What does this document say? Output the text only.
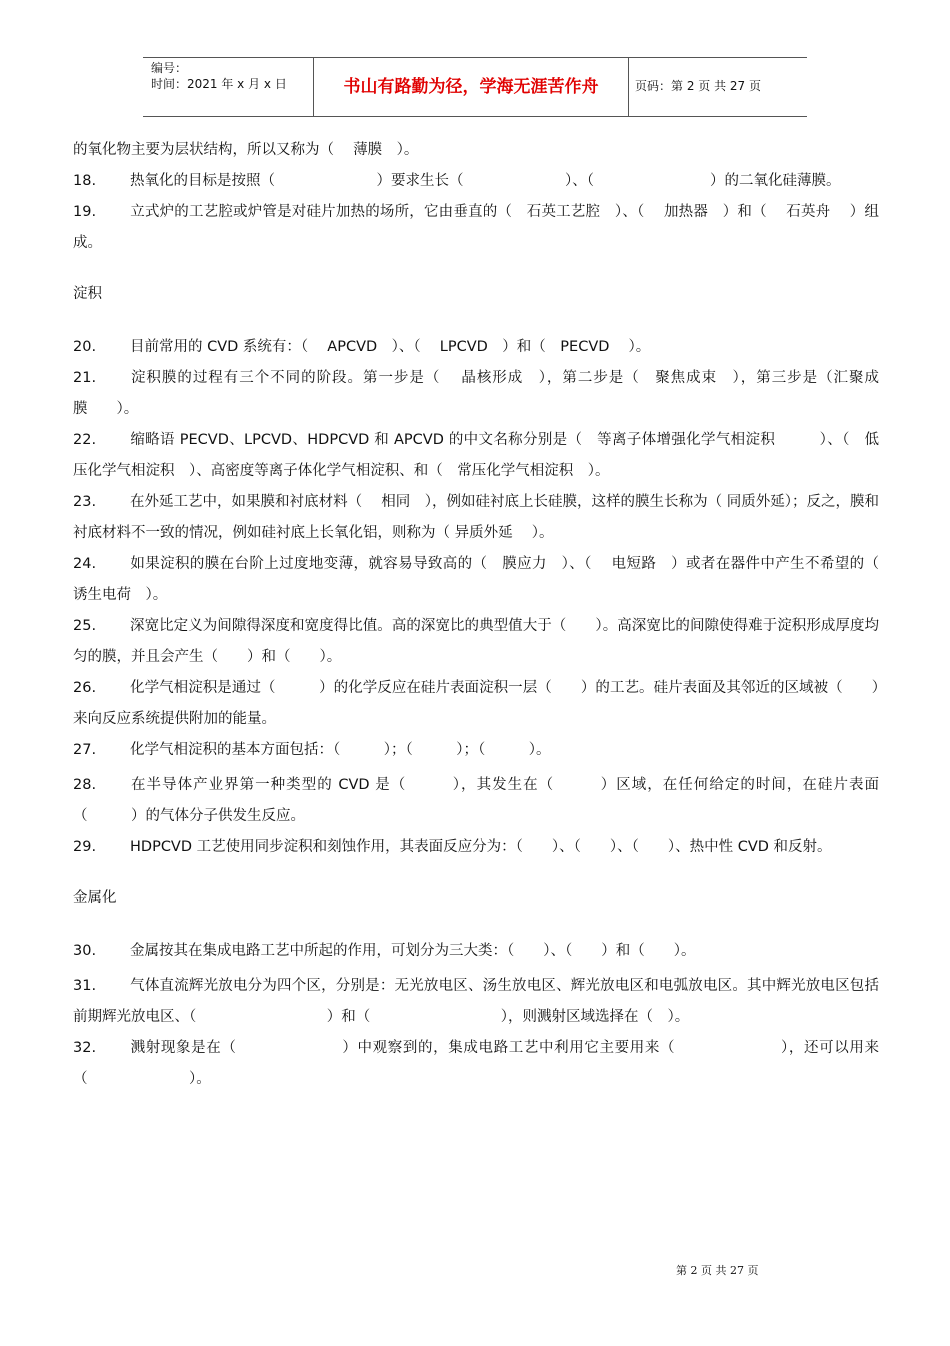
编号：
时间：2021 年 x 月 x 日	书山有路勤为径，学海无涯苦作舟	页码：第 2 页 共 27 页

的氧化物主要为层状结构，所以又称为（　 薄膜　）。

18. 热氧化的目标是按照（　　　　　　　）要求生长（　　　　　　　）、（　　　　　　　　）的二氧化硅薄膜。

19. 立式炉的工艺腔或炉管是对硅片加热的场所，它由垂直的（　石英工艺腔　）、（　 加热器　）和（　 石英舟　 ）组成。

淀积

20. 目前常用的 CVD 系统有：（　 APCVD　）、（　 LPCVD　）和（　PECVD　 ）。

21. 淀积膜的过程有三个不同的阶段。第一步是（　 晶核形成　），第二步是（　聚焦成束　），第三步是（汇聚成膜　　）。

22. 缩略语 PECVD、LPCVD、HDPCVD 和 APCVD 的中文名称分别是（　等离子体增强化学气相淀积　　　）、（　低压化学气相淀积　）、高密度等离子体化学气相淀积、和（　常压化学气相淀积　）。

23. 在外延工艺中，如果膜和衬底材料（　 相同　），例如硅衬底上长硅膜，这样的膜生长称为（ 同质外延）；反之，膜和衬底材料不一致的情况，例如硅衬底上长氧化铝，则称为（ 异质外延　 ）。

24. 如果淀积的膜在台阶上过度地变薄，就容易导致高的（　膜应力　）、（　 电短路　）或者在器件中产生不希望的（　诱生电荷　）。

25. 深宽比定义为间隙得深度和宽度得比值。高的深宽比的典型值大于（　　）。高深宽比的间隙使得难于淀积形成厚度均匀的膜，并且会产生（　　）和（　　）。

26. 化学气相淀积是通过（　　　）的化学反应在硅片表面淀积一层（　　）的工艺。硅片表面及其邻近的区域被（　　）来向反应系统提供附加的能量。

27. 化学气相淀积的基本方面包括：（　　　）；（　　　）；（　　　）。

28. 在半导体产业界第一种类型的 CVD 是（　　　），其发生在（　　　）区域，在任何给定的时间，在硅片表面（　　　）的气体分子供发生反应。

29. HDPCVD 工艺使用同步淀积和刻蚀作用，其表面反应分为：（　　）、（　　）、（　　）、热中性 CVD 和反射。

金属化

30. 金属按其在集成电路工艺中所起的作用，可划分为三大类：（　　）、（　　）和（　　）。

31. 气体直流辉光放电分为四个区，分别是：无光放电区、汤生放电区、辉光放电区和电弧放电区。其中辉光放电区包括前期辉光放电区、（　　　　　　　　　）和（　　　　　　　　　），则溅射区域选择在（　）。

32. 溅射现象是在（　　　　　　　）中观察到的，集成电路工艺中利用它主要用来（　　　　　　　），还可以用来（　　　　　　　）。

第 2 页 共 27 页
